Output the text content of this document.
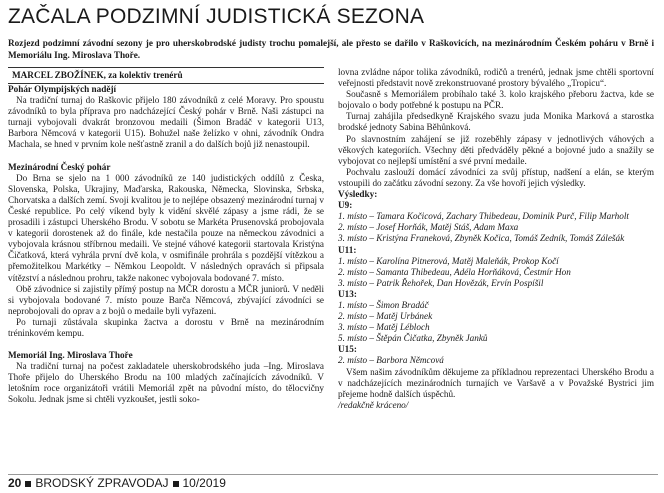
ZAČALA PODZIMNÍ JUDISTICKÁ SEZONA
Rozjezd podzimní závodní sezony je pro uherskobrodské judisty trochu pomalejší, ale přesto se dařilo v Raškovicích, na mezinárodním Českém poháru v Brně i Memoriálu Ing. Miroslava Thoře.
MARCEL ZBOŽÍNEK, za kolektiv trenérů
Pohár Olympijských nadějí

Na tradiční turnaj do Raškovic přijelo 180 závodníků z celé Moravy. Pro spoustu závodníků to byla příprava pro nadcházející Český pohár v Brně. Naši zástupci na turnaji vybojovali dvakrát bronzovou medaili (Šimon Bradáč v kategorii U13, Barbora Němcová v kategorii U15). Bohužel naše želízko v ohni, závodník Ondra Machala, se hned v prvním kole nešťastně zranil a do dalších bojů již nenastoupil.

Mezinárodní Český pohár

Do Brna se sjelo na 1 000 závodníků ze 140 judistických oddílů z Česka, Slovenska, Polska, Ukrajiny, Maďarska, Rakouska, Německa, Slovinska, Srbska, Chorvatska a dalších zemí. Svoji kvalitou je to nejlépe obsazený mezinárodní turnaj v České republice. Po celý víkend byly k vidění skvělé zápasy a jsme rádi, že se prosadili i zástupci Uherského Brodu. V sobotu se Markéta Prusenovská probojovala v kategorii dorostenek až do finále, kde nestačila pouze na německou závodnici a vybojovala krásnou stříbrnou medaili. Ve stejné váhové kategorii startovala Kristýna Čičatková, která vyhrála první dvě kola, v osmifinále prohrála s pozdější vítězkou a přemožitelkou Markétky – Němkou Leopoldt. V následných opravách si připsala vítězství a následnou prohru, takže nakonec vybojovala bodované 7. místo.

Obě závodnice si zajistily přímý postup na MČR dorostu a MČR juniorů. V neděli si vybojovala bodované 7. místo pouze Barča Němcová, zbývající závodníci se neprobojovali do oprav a z bojů o medaile byli vyřazeni.

Po turnaji zůstávala skupinka žactva a dorostu v Brně na mezinárodním tréninkovém kempu.

Memoriál Ing. Miroslava Thoře

Na tradiční turnaj na počest zakladatele uherskobrodského juda –Ing. Miroslava Thoře přijelo do Uherského Brodu na 100 mladých začínajících závodníků. V letošním roce organizátoři vrátili Memoriál zpět na původní místo, do tělocvičny Sokolu. Jednak jsme si chtěli vyzkoušet, jestli soko-

lovna zvládne nápor tolika závodníků, rodičů a trenérů, jednak jsme chtěli sportovní veřejnosti představit nově zrekonstruované prostory bývalého „Tropicu“.

Současně s Memoriálem probíhalo také 3. kolo krajského přeboru žactva, kde se bojovalo o body potřebné k postupu na PČR.

Turnaj zahájila předsedkyně Krajského svazu juda Monika Marková a starostka brodské jednoty Sabina Běhůnková.

Po slavnostním zahájení se již rozeběhly zápasy v jednotlivých váhových a věkových kategoriích. Všechny děti předváděly pěkné a bojovné judo a snažily se vybojovat co nejlepší umístění a své první medaile.

Pochvalu zaslouží domácí závodníci za svůj přístup, nadšení a elán, se kterým vstoupili do začátku závodní sezony. Za vše hovoří jejich výsledky.

Výsledky:

U9:

1. místo – Tamara Kočicová, Zachary Thibedeau, Dominik Purč, Filip Marholt

2. místo – Josef Horňák, Matěj Stáš, Adam Maxa

3. místo – Kristýna Franeková, Zbyněk Kočica, Tomáš Zedník, Tomáš Zálešák

U11:

1. místo – Karolína Pitnerová, Matěj Maleňák, Prokop Kočí

2. místo – Samanta Thibedeau, Adéla Horňáková, Čestmír Hon

3. místo – Patrik Řehořek, Dan Hovězák, Ervín Pospíšil

U13:

1. místo – Šimon Bradáč

2. místo – Matěj Urbánek

3. místo – Matěj Lébloch

5. místo – Štěpán Čičatka, Zbyněk Janků

U15:

2. místo – Barbora Němcová

Všem našim závodníkům děkujeme za příkladnou reprezentaci Uherského Brodu a v nadcházejících mezinárodních turnajích ve Varšavě a v Považské Bystrici jim přejeme hodně dalších úspěchů.

/redakčně kráceno/

20 BRODSKÝ ZPRAVODAJ 10/2019
